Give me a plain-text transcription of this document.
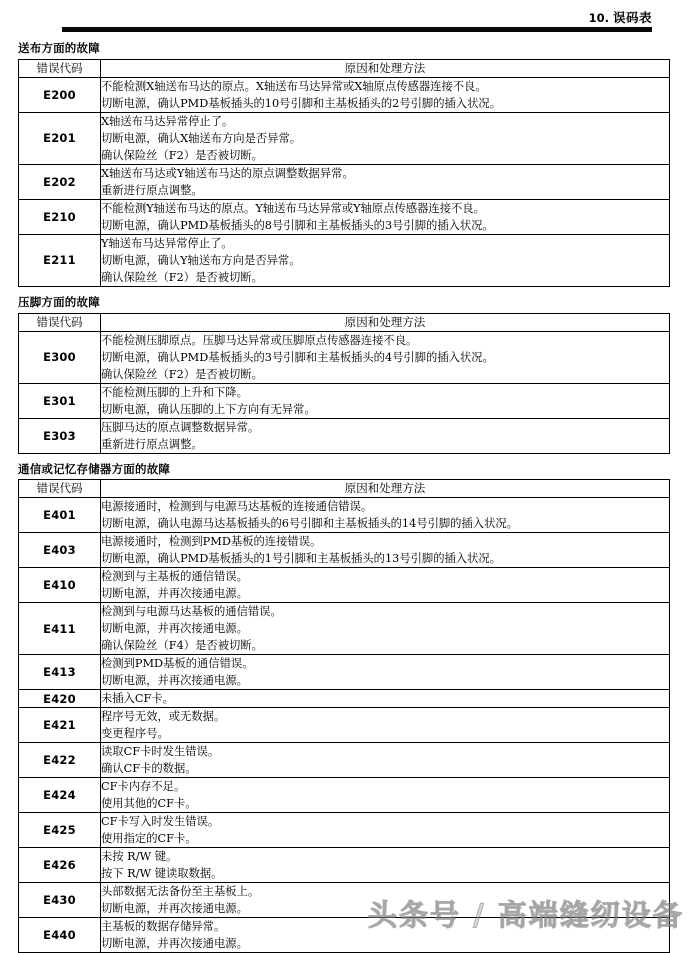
10. 误码表
送布方面的故障
错误代码	原因和处理方法
E200	不能检测X轴送布马达的原点。X轴送布马达异常或X轴原点传感器连接不良。
切断电源，确认PMD基板插头的10号引脚和主基板插头的2号引脚的插入状况。

E201	X轴送布马达异常停止了。
切断电源，确认X轴送布方向是否异常。
确认保险丝（F2）是否被切断。

E202	X轴送布马达或Y轴送布马达的原点调整数据异常。
重新进行原点调整。

E210	不能检测Y轴送布马达的原点。Y轴送布马达异常或Y轴原点传感器连接不良。
切断电源，确认PMD基板插头的8号引脚和主基板插头的3号引脚的插入状况。

E211	Y轴送布马达异常停止了。
切断电源，确认Y轴送布方向是否异常。
确认保险丝（F2）是否被切断。
压脚方面的故障
错误代码	原因和处理方法
E300	不能检测压脚原点。压脚马达异常或压脚原点传感器连接不良。
切断电源，确认PMD基板插头的3号引脚和主基板插头的4号引脚的插入状况。
确认保险丝（F2）是否被切断。

E301	不能检测压脚的上升和下降。
切断电源，确认压脚的上下方向有无异常。

E303	压脚马达的原点调整数据异常。
重新进行原点调整。
通信或记忆存储器方面的故障
错误代码	原因和处理方法
E401	电源接通时，检测到与电源马达基板的连接通信错误。
切断电源，确认电源马达基板插头的6号引脚和主基板插头的14号引脚的插入状况。

E403	电源接通时，检测到PMD基板的连接错误。
切断电源，确认PMD基板插头的1号引脚和主基板插头的13号引脚的插入状况。

E410	检测到与主基板的通信错误。
切断电源，并再次接通电源。

E411	检测到与电源马达基板的通信错误。
切断电源，并再次接通电源。
确认保险丝（F4）是否被切断。

E413	检测到PMD基板的通信错误。
切断电源，并再次接通电源。

E420	未插入CF卡。

E421	程序号无效，或无数据。
变更程序号。

E422	读取CF卡时发生错误。
确认CF卡的数据。

E424	CF卡内存不足。
使用其他的CF卡。

E425	CF卡写入时发生错误。
使用指定的CF卡。

E426	未按 R/W 键。
按下 R/W 键读取数据。

E430	头部数据无法备份至主基板上。
切断电源，并再次接通电源。

E440	主基板的数据存储异常。
切断电源，并再次接通电源。
